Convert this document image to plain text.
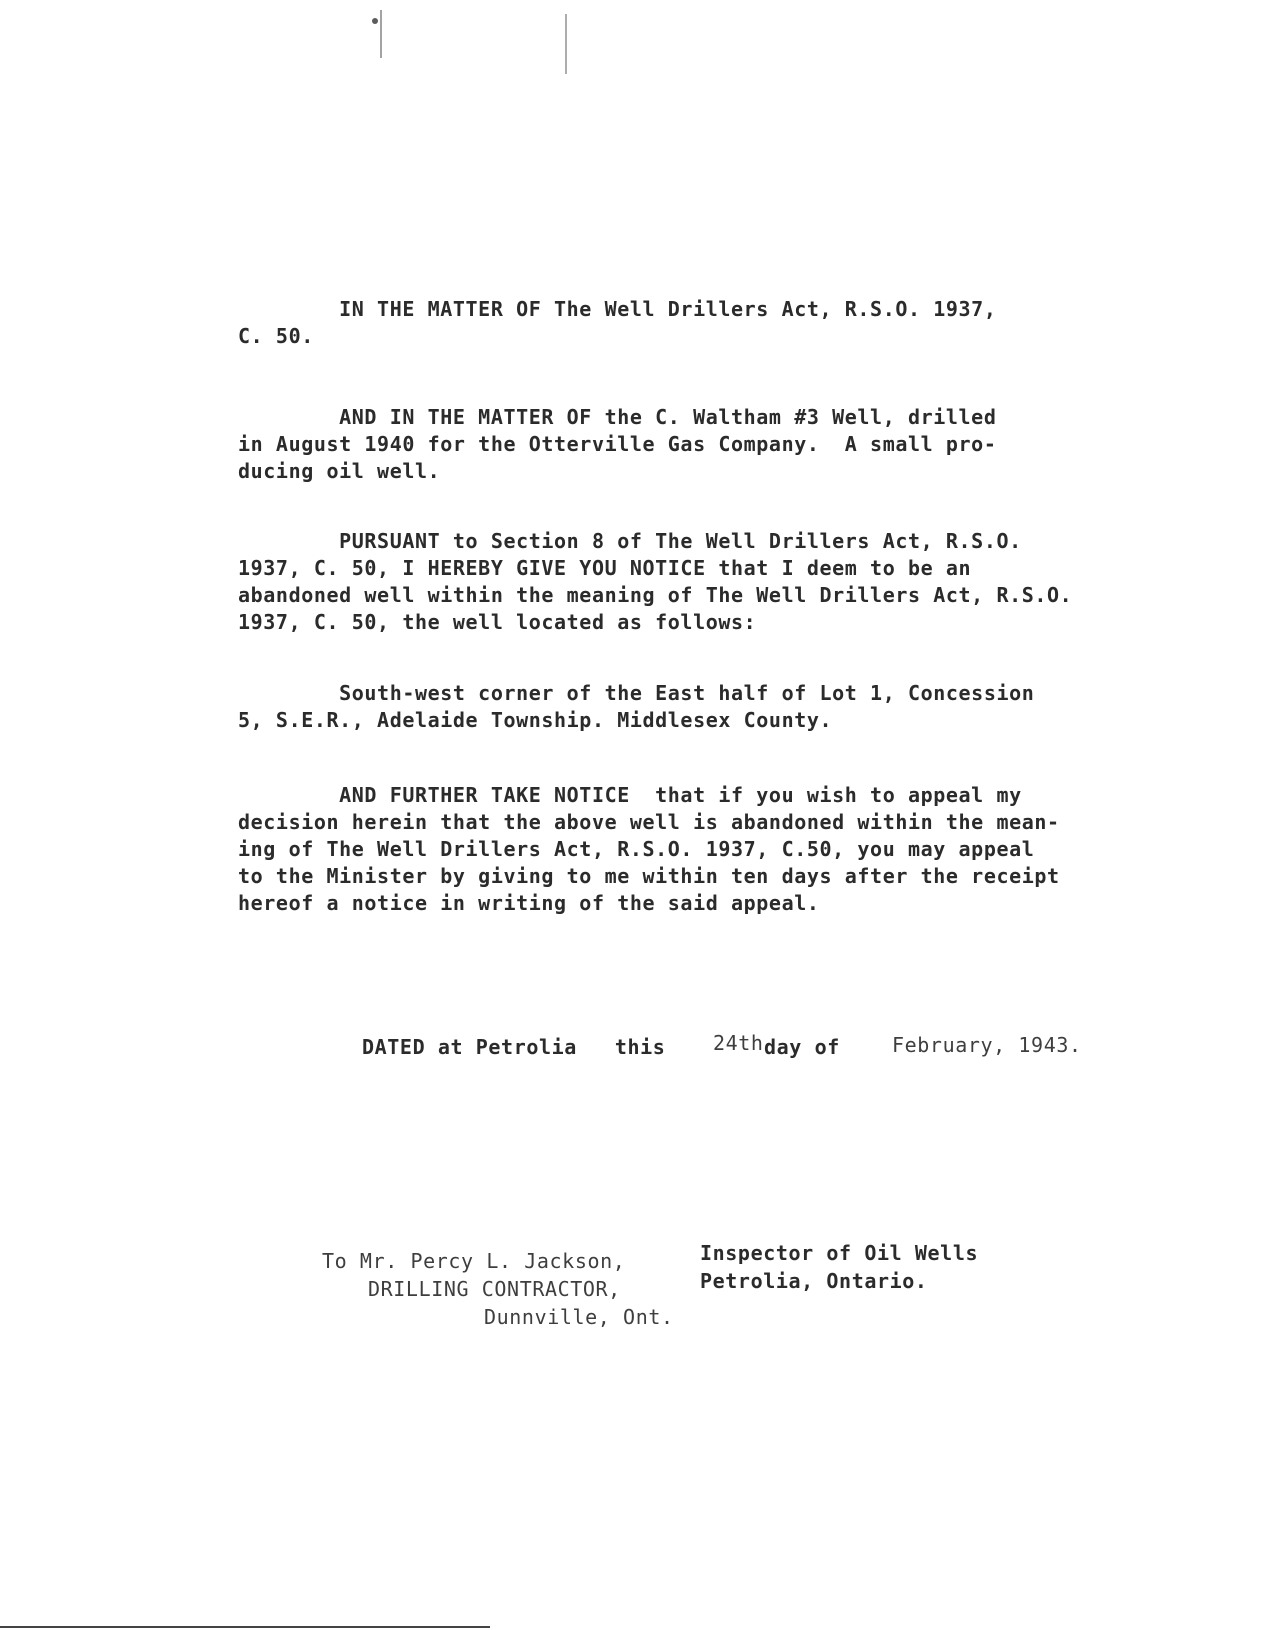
IN THE MATTER OF The Well Drillers Act, R.S.O. 1937,
C. 50.
AND IN THE MATTER OF the C. Waltham #3 Well, drilled
in August 1940 for the Otterville Gas Company.  A small pro-
ducing oil well.
PURSUANT to Section 8 of The Well Drillers Act, R.S.O.
1937, C. 50, I HEREBY GIVE YOU NOTICE that I deem to be an
abandoned well within the meaning of The Well Drillers Act, R.S.O.
1937, C. 50, the well located as follows:
South-west corner of the East half of Lot 1, Concession
5, S.E.R., Adelaide Township. Middlesex County.
AND FURTHER TAKE NOTICE  that if you wish to appeal my
decision herein that the above well is abandoned within the mean-
ing of The Well Drillers Act, R.S.O. 1937, C.50, you may appeal
to the Minister by giving to me within ten days after the receipt
hereof a notice in writing of the said appeal.
DATED at Petrolia   this 24th day of	February, 1943.
To Mr. Percy L. Jackson,
DRILLING CONTRACTOR,
Dunnville, Ont.
Inspector of Oil Wells
Petrolia, Ontario.
